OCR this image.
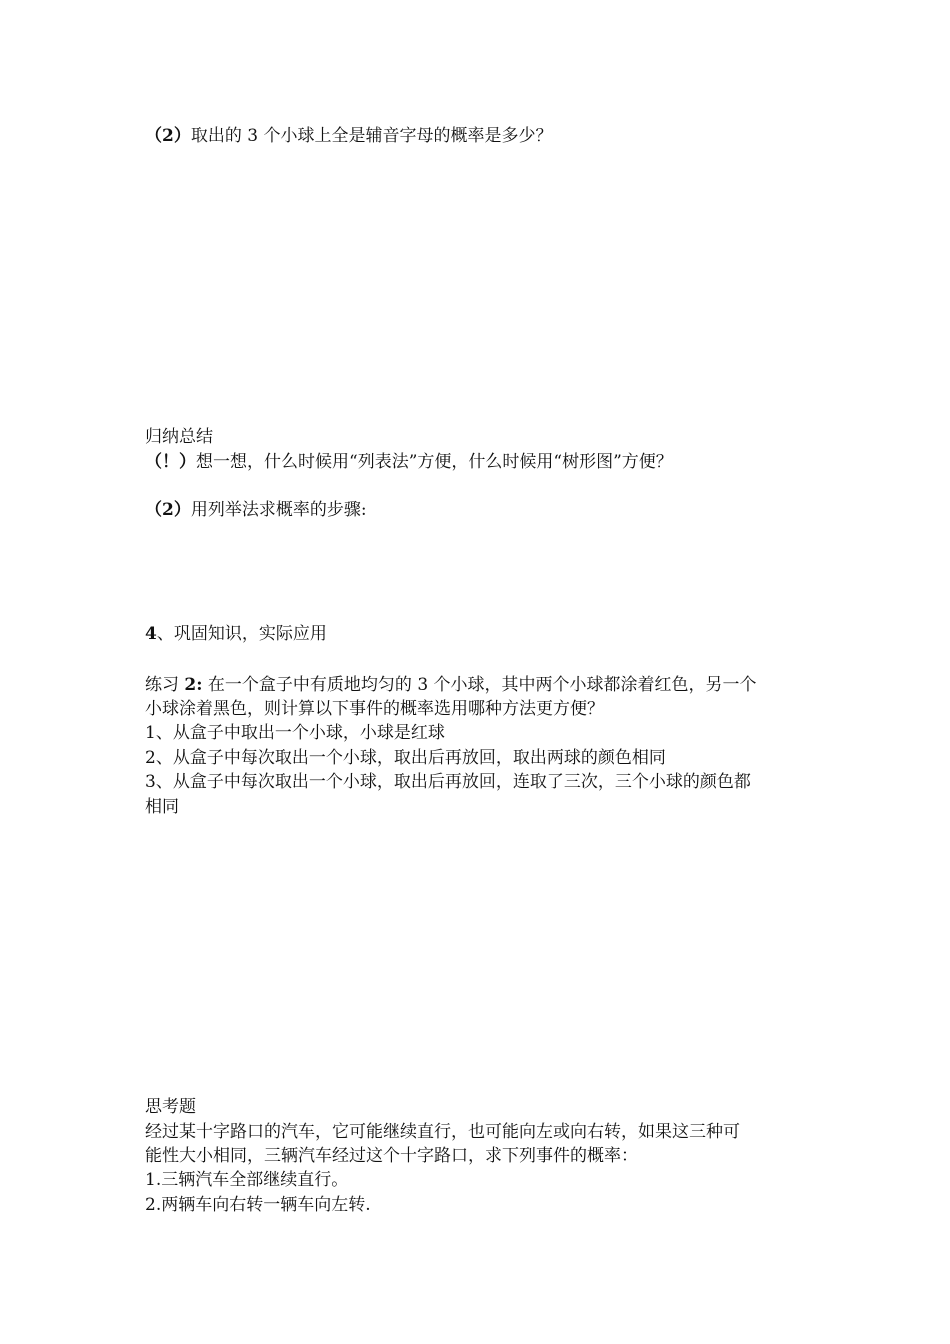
（2）取出的 3 个小球上全是辅音字母的概率是多少？

归纳总结

（！）想一想，什么时候用“列表法”方便，什么时候用“树形图”方便？

（2）用列举法求概率的步骤:

4、巩固知识，实际应用

练习 2: 在一个盒子中有质地均匀的 3 个小球，其中两个小球都涂着红色，另一个

小球涂着黑色，则计算以下事件的概率选用哪种方法更方便？

1、从盒子中取出一个小球，小球是红球

2、从盒子中每次取出一个小球，取出后再放回，取出两球的颜色相同

3、从盒子中每次取出一个小球，取出后再放回，连取了三次，三个小球的颜色都

相同

思考题

经过某十字路口的汽车，它可能继续直行，也可能向左或向右转，如果这三种可

能性大小相同，三辆汽车经过这个十字路口，求下列事件的概率：

1.三辆汽车全部继续直行。

2.两辆车向右转一辆车向左转.
